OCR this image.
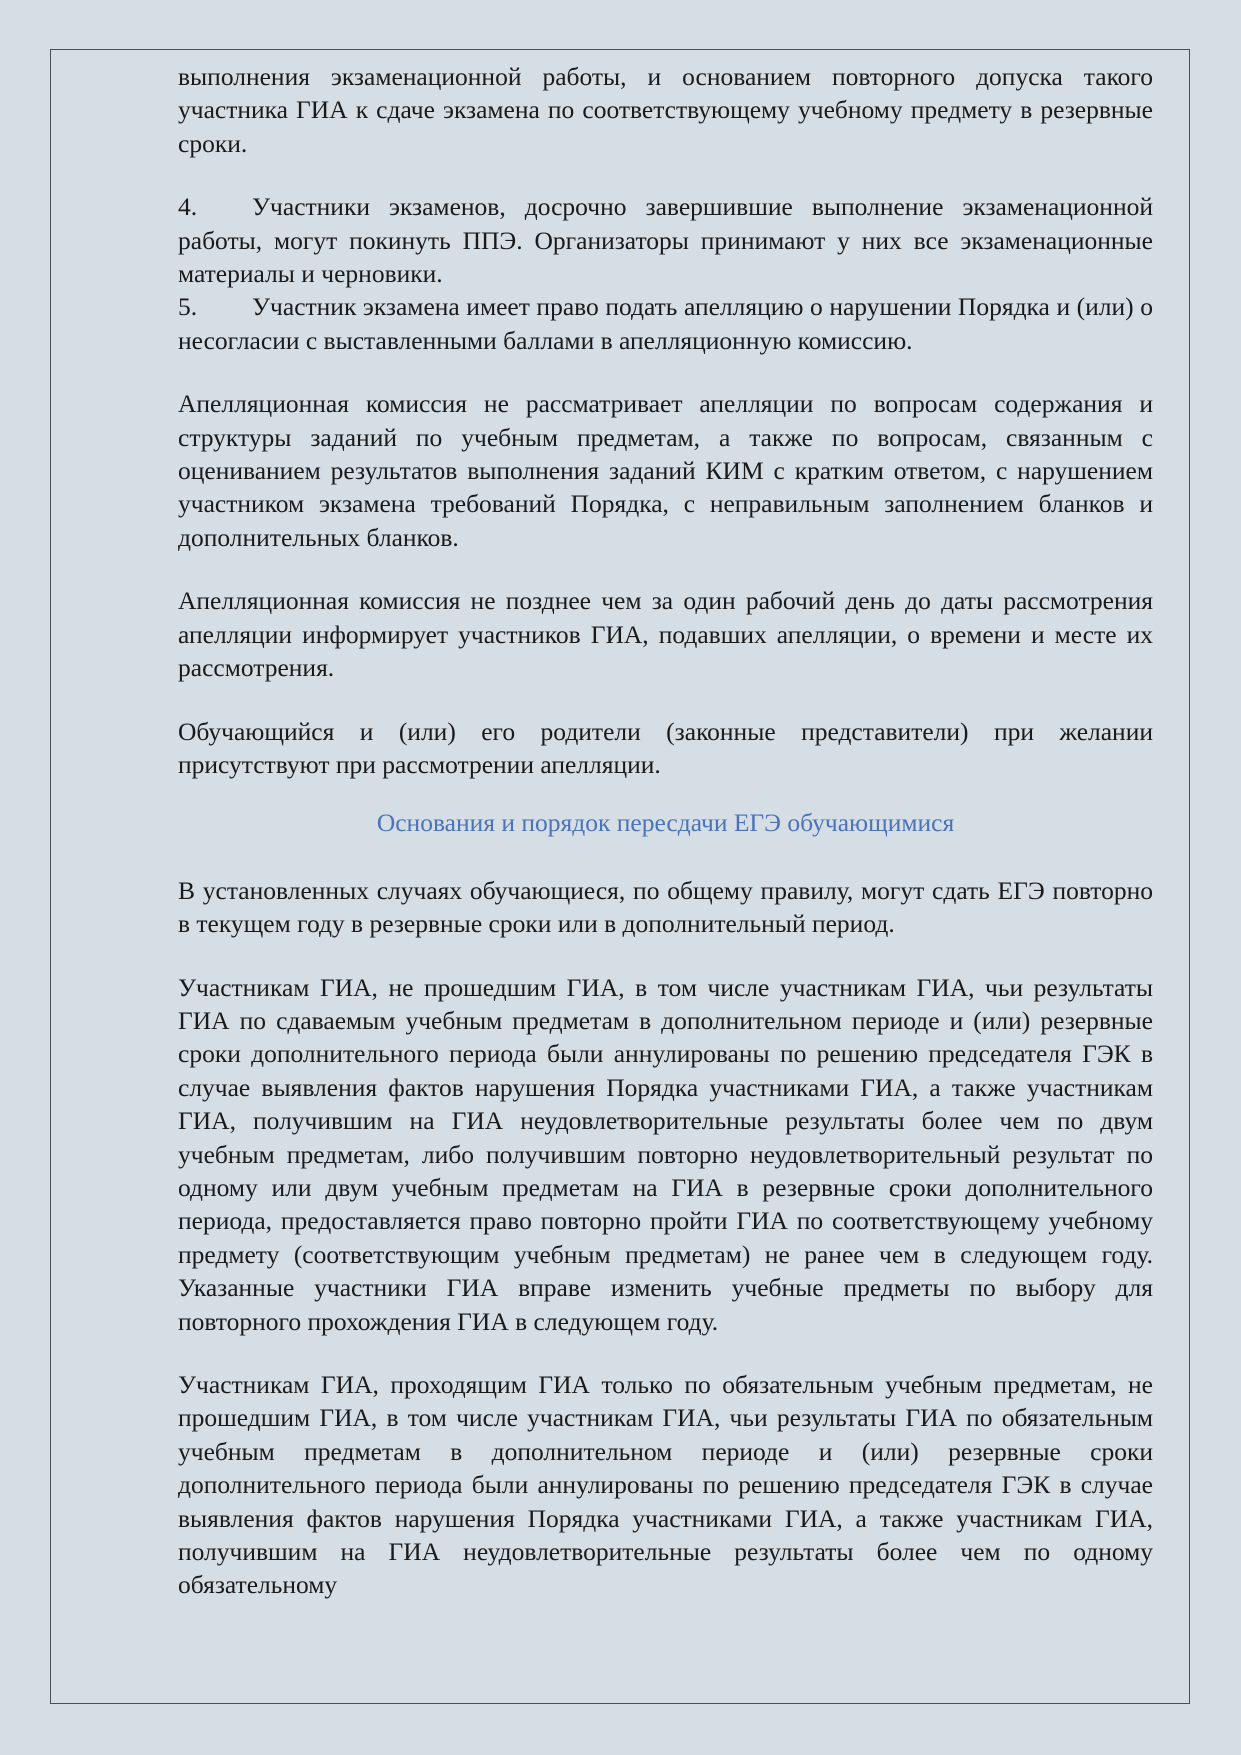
выполнения экзаменационной работы, и основанием повторного допуска такого участника ГИА к сдаче экзамена по соответствующему учебному предмету в резервные сроки.

4. Участники экзаменов, досрочно завершившие выполнение экзаменационной работы, могут покинуть ППЭ. Организаторы принимают у них все экзаменационные материалы и черновики.

5. Участник экзамена имеет право подать апелляцию о нарушении Порядка и (или) о несогласии с выставленными баллами в апелляционную комиссию.

Апелляционная комиссия не рассматривает апелляции по вопросам содержания и структуры заданий по учебным предметам, а также по вопросам, связанным с оцениванием результатов выполнения заданий КИМ с кратким ответом, с нарушением участником экзамена требований Порядка, с неправильным заполнением бланков и дополнительных бланков.

Апелляционная комиссия не позднее чем за один рабочий день до даты рассмотрения апелляции информирует участников ГИА, подавших апелляции, о времени и месте их рассмотрения.

Обучающийся и (или) его родители (законные представители) при желании присутствуют при рассмотрении апелляции.

Основания и порядок пересдачи ЕГЭ обучающимися

В установленных случаях обучающиеся, по общему правилу, могут сдать ЕГЭ повторно в текущем году в резервные сроки или в дополнительный период.

Участникам ГИА, не прошедшим ГИА, в том числе участникам ГИА, чьи результаты ГИА по сдаваемым учебным предметам в дополнительном периоде и (или) резервные сроки дополнительного периода были аннулированы по решению председателя ГЭК в случае выявления фактов нарушения Порядка участниками ГИА, а также участникам ГИА, получившим на ГИА неудовлетворительные результаты более чем по двум учебным предметам, либо получившим повторно неудовлетворительный результат по одному или двум учебным предметам на ГИА в резервные сроки дополнительного периода, предоставляется право повторно пройти ГИА по соответствующему учебному предмету (соответствующим учебным предметам) не ранее чем в следующем году. Указанные участники ГИА вправе изменить учебные предметы по выбору для повторного прохождения ГИА в следующем году.

Участникам ГИА, проходящим ГИА только по обязательным учебным предметам, не прошедшим ГИА, в том числе участникам ГИА, чьи результаты ГИА по обязательным учебным предметам в дополнительном периоде и (или) резервные сроки дополнительного периода были аннулированы по решению председателя ГЭК в случае выявления фактов нарушения Порядка участниками ГИА, а также участникам ГИА, получившим на ГИА неудовлетворительные результаты более чем по одному обязательному
